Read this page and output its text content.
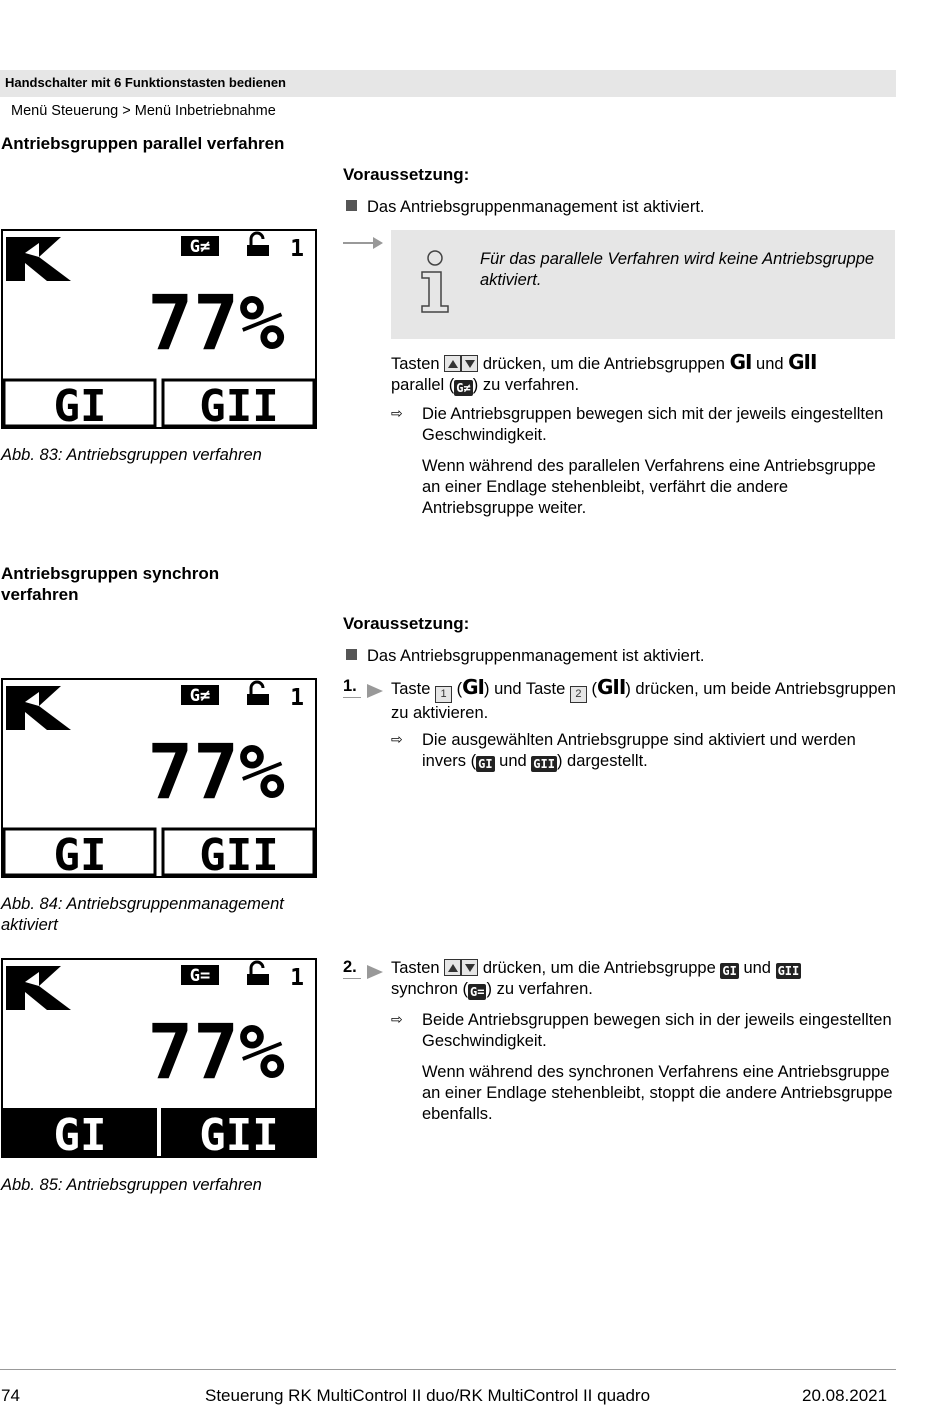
Handschalter mit 6 Funktionstasten bedienen
Menü Steuerung > Menü Inbetriebnahme
Antriebsgruppen parallel verfahren
Voraussetzung:
Das Antriebsgruppenmanagement ist aktiviert.
Für das parallele Verfahren wird keine Antriebsgruppe aktiviert.
Tasten	drücken, um die Antriebsgruppen GI und GII
parallel ( G≠ ) zu verfahren.
⇨ Die Antriebsgruppen bewegen sich mit der jeweils eingestellten Geschwindigkeit.
Wenn während des parallelen Verfahrens eine Antriebsgruppe an einer Endlage stehenbleibt, verfährt die andere Antriebsgruppe weiter.
G≠	1
77%
GI GII
Abb. 83: Antriebsgruppen verfahren
Antriebsgruppen synchron verfahren
Voraussetzung:
Das Antriebsgruppenmanagement ist aktiviert.
1. Taste 1 (GI) und Taste 2 (GII) drücken, um beide Antriebsgruppen zu aktivieren.
⇨ Die ausgewählten Antriebsgruppe sind aktiviert und werden invers ( GI und GII ) dargestellt.
G≠	1
77%
GI GII
Abb. 84: Antriebsgruppenmanagement aktiviert
2. Tasten	drücken, um die Antriebsgruppe GI und GII
synchron ( G= ) zu verfahren.
⇨ Beide Antriebsgruppen bewegen sich in der jeweils eingestellten Geschwindigkeit.
Wenn während des synchronen Verfahrens eine Antriebsgruppe an einer Endlage stehenbleibt, stoppt die andere Antriebsgruppe ebenfalls.
G=	1
77%
GI GII
Abb. 85: Antriebsgruppen verfahren
74	Steuerung RK MultiControl II duo/RK MultiControl II quadro	20.08.2021
